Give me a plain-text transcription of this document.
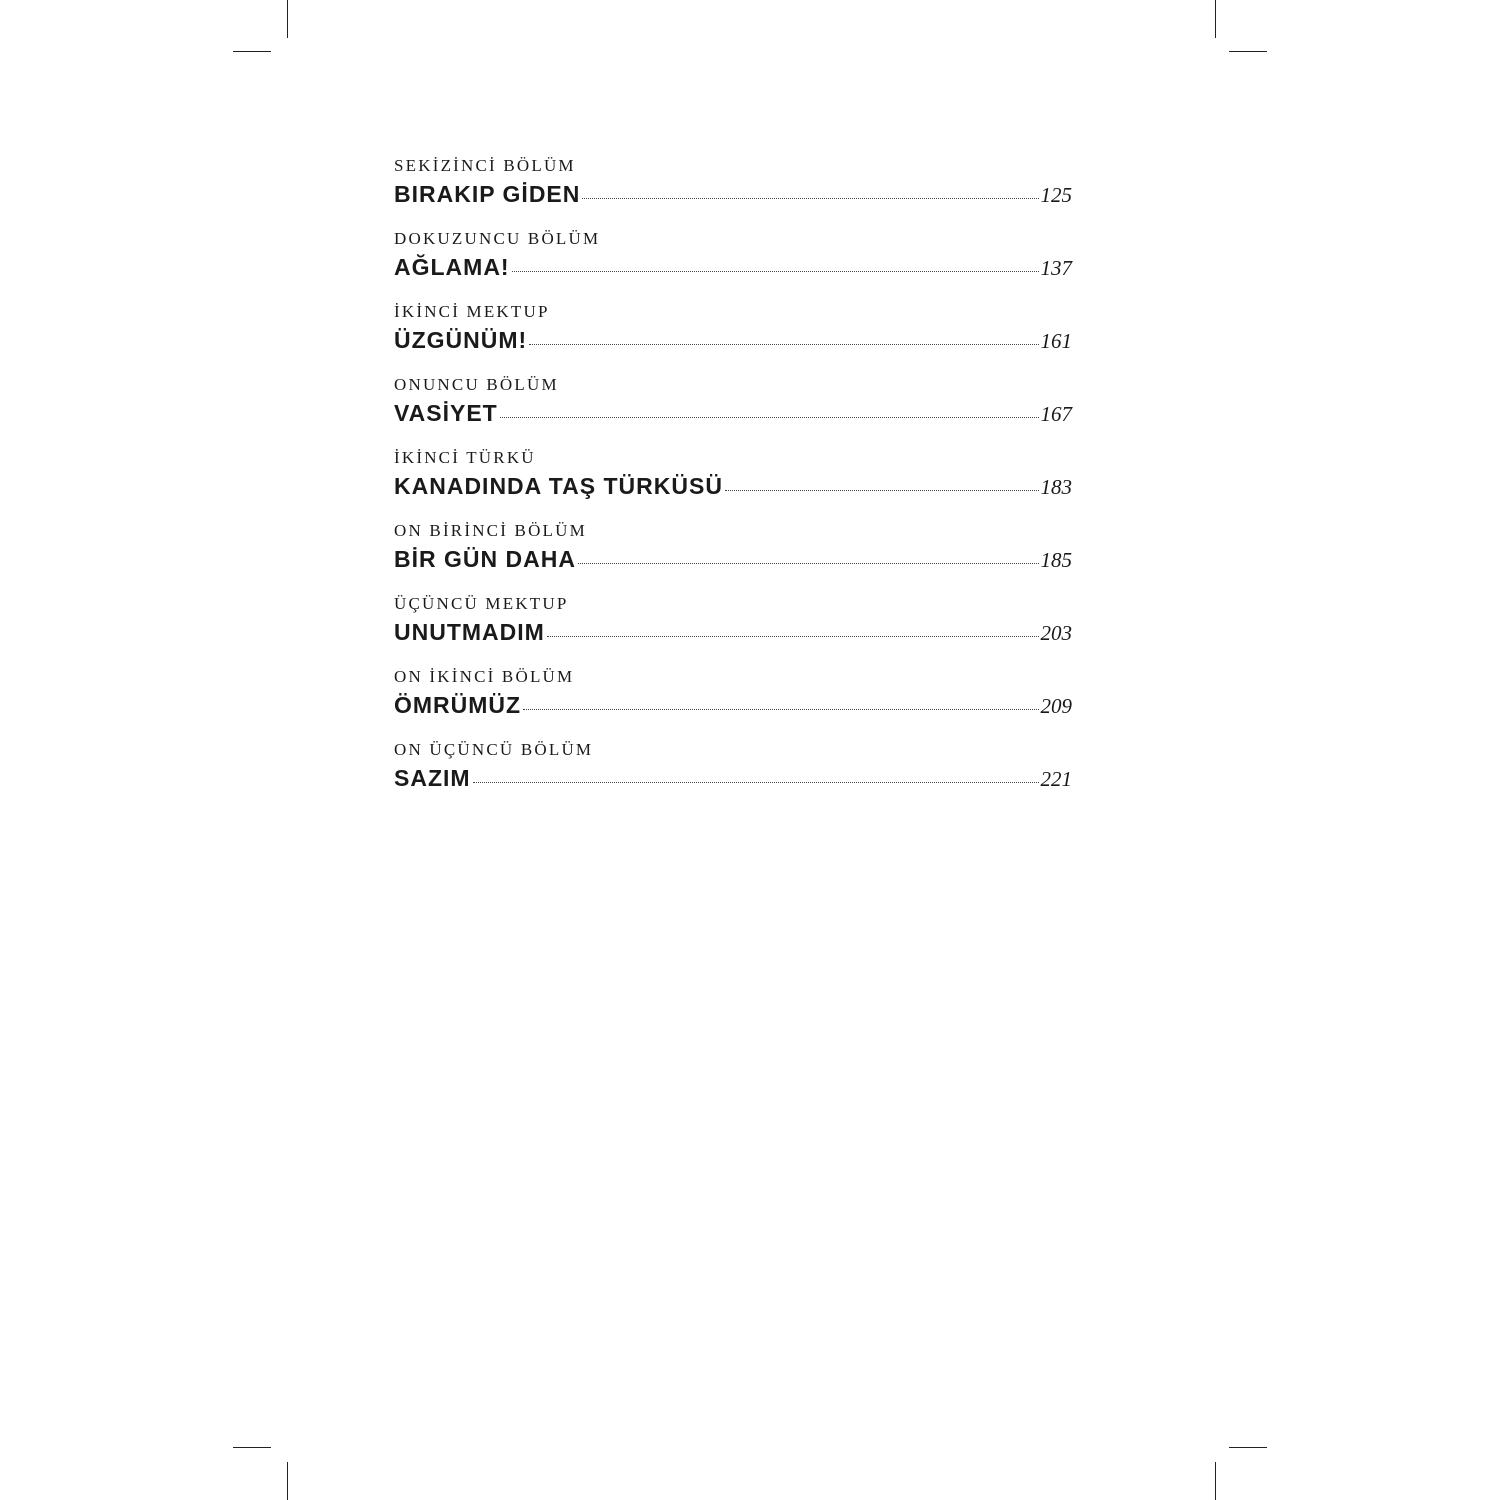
SEKİZİNCİ BÖLÜM
BIRAKIP GİDEN	125
DOKUZUNCU BÖLÜM
AĞLAMA!	137
İKİNCİ MEKTUP
ÜZGÜNÜM!	161
ONUNCU BÖLÜM
VASİYET	167
İKİNCİ TÜRKÜ
KANADINDA TAŞ TÜRKÜSÜ	183
ON BİRİNCİ BÖLÜM
BİR GÜN DAHA	185
ÜÇÜNCÜ MEKTUP
UNUTMADIM	203
ON İKİNCİ BÖLÜM
ÖMRÜMÜZ	209
ON ÜÇÜNCÜ BÖLÜM
SAZIM	221
